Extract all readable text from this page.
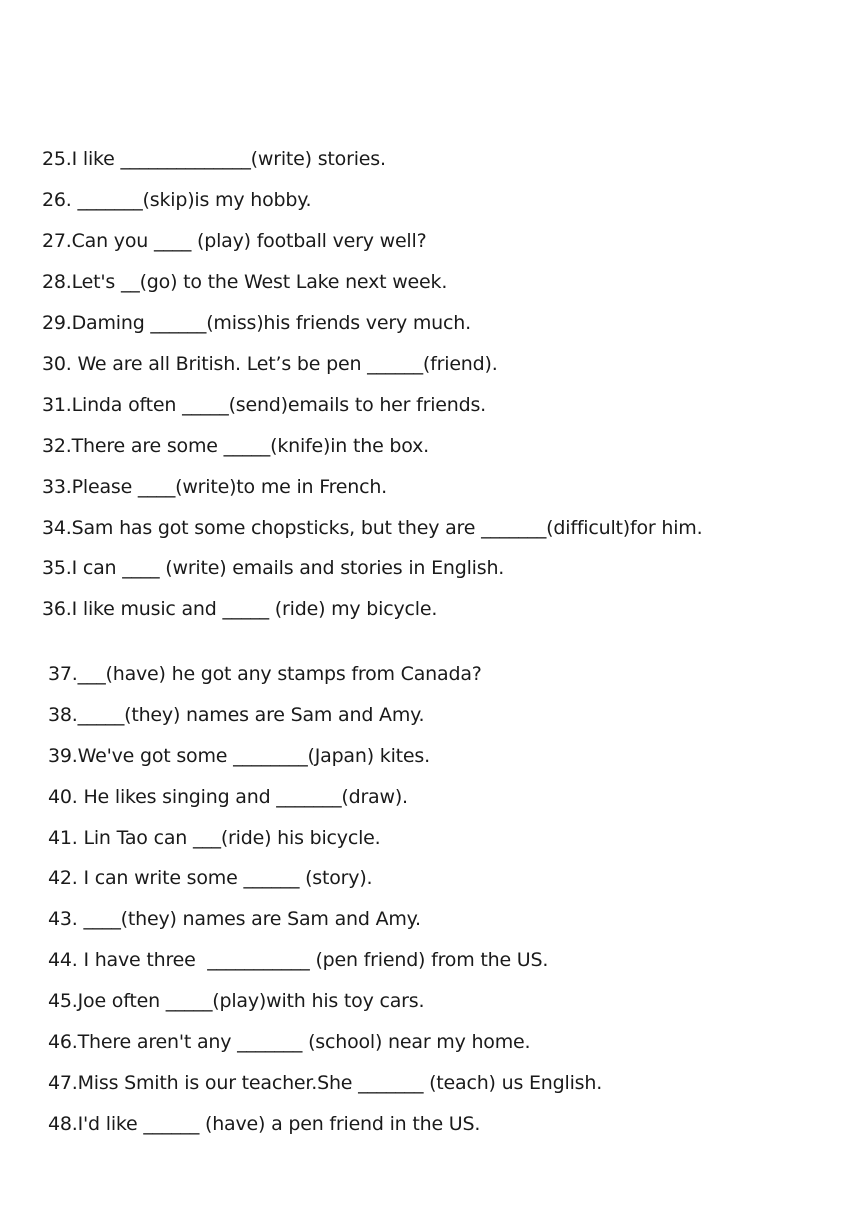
25.I like ______________(write) stories.
26. _______(skip)is my hobby.
27.Can you ____ (play) football very well?
28.Let's __(go) to the West Lake next week.
29.Daming ______(miss)his friends very much.
30. We are all British. Let’s be pen ______(friend).
31.Linda often _____(send)emails to her friends.
32.There are some _____(knife)in the box.
33.Please ____(write)to me in French.
34.Sam has got some chopsticks, but they are _______(difficult)for him.
35.I can ____ (write) emails and stories in English.
36.I like music and _____ (ride) my bicycle.
37.___(have) he got any stamps from Canada?
38._____(they) names are Sam and Amy.
39.We've got some ________(Japan) kites.
40. He likes singing and _______(draw).
41. Lin Tao can ___(ride) his bicycle.
42. I can write some ______ (story).
43. ____(they) names are Sam and Amy.
44. I have three  ___________ (pen friend) from the US.
45.Joe often _____(play)with his toy cars.
46.There aren't any _______ (school) near my home.
47.Miss Smith is our teacher.She _______ (teach) us English.
48.I'd like ______ (have) a pen friend in the US.
